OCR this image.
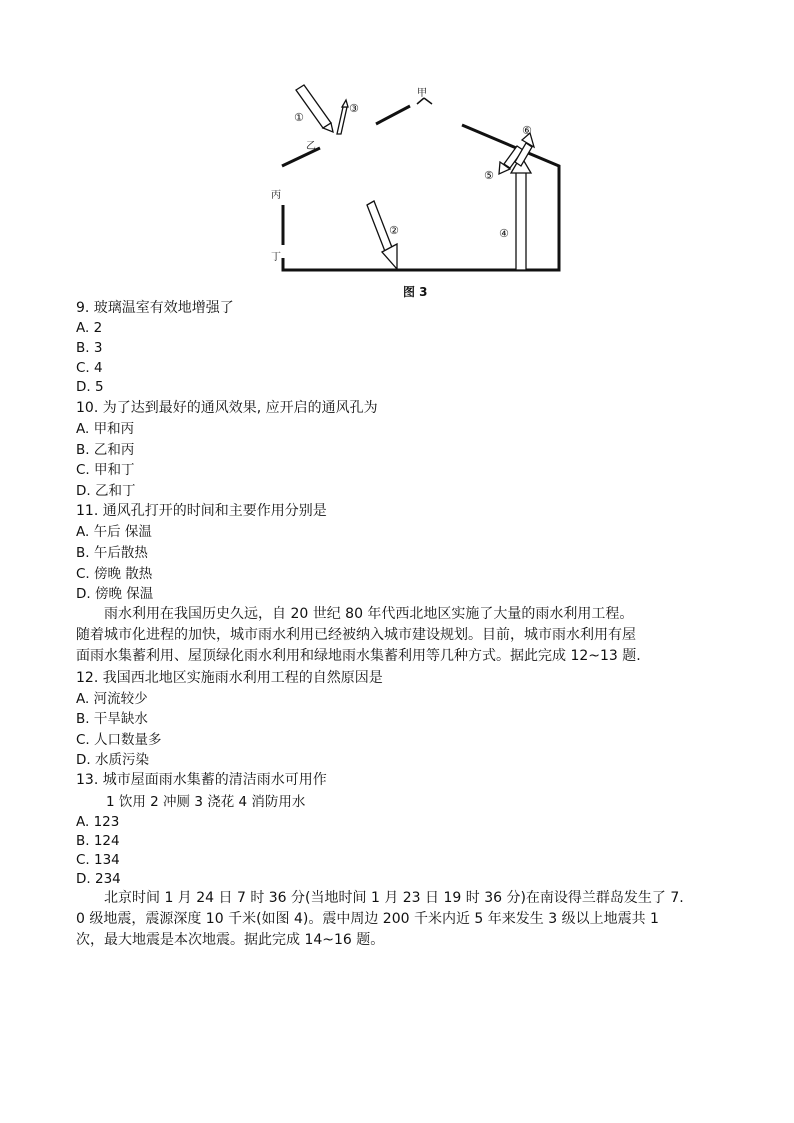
甲
乙
丙
丁
①
②
③
④
⑤
⑥
图 3
9. 玻璃温室有效地增强了
A. 2
B. 3
C. 4
D. 5
10. 为了达到最好的通风效果, 应开启的通风孔为
A. 甲和丙
B. 乙和丙
C. 甲和丁
D. 乙和丁
11. 通风孔打开的时间和主要作用分别是
A. 午后 保温
B. 午后散热
C. 傍晚 散热
D. 傍晚 保温

雨水利用在我国历史久远，自 20 世纪 80 年代西北地区实施了大量的雨水利用工程。

随着城市化进程的加快，城市雨水利用已经被纳入城市建设规划。目前，城市雨水利用有屋

面雨水集蓄利用、屋顶绿化雨水利用和绿地雨水集蓄利用等几种方式。据此完成 12~13 题.

12. 我国西北地区实施雨水利用工程的自然原因是
A. 河流较少
B. 干旱缺水
C. 人口数量多
D. 水质污染
13. 城市屋面雨水集蓄的清洁雨水可用作
1 饮用 2 冲厕 3 浇花 4 消防用水
A. 123
B. 124
C. 134
D. 234

北京时间 1 月 24 日 7 时 36 分(当地时间 1 月 23 日 19 时 36 分)在南设得兰群岛发生了 7.

0 级地震，震源深度 10 千米(如图 4)。震中周边 200 千米内近 5 年来发生 3 级以上地震共 1

次，最大地震是本次地震。据此完成 14~16 题。
